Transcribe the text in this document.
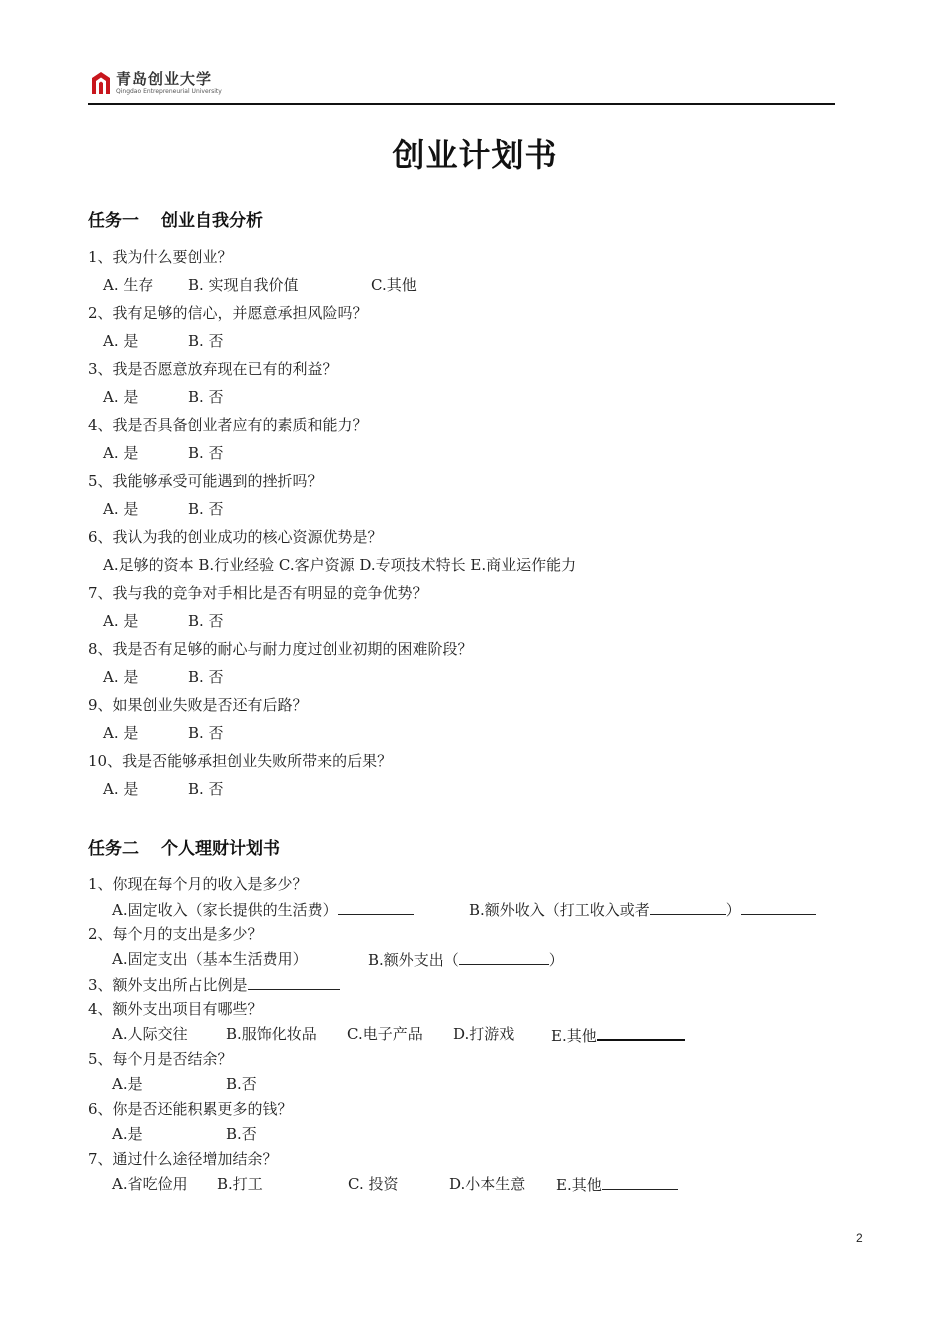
青岛创业大学
Qingdao Entrepreneurial University
创业计划书
任务一 创业自我分析
1、我为什么要创业？
A. 生存 B. 实现自我价值	C.其他
2、我有足够的信心，并愿意承担风险吗？
A. 是	B. 否
3、我是否愿意放弃现在已有的利益？
A. 是	B. 否
4、我是否具备创业者应有的素质和能力？
A. 是	B. 否
5、我能够承受可能遇到的挫折吗？
A. 是	B. 否
6、我认为我的创业成功的核心资源优势是？
A.足够的资本 B.行业经验 C.客户资源 D.专项技术特长 E.商业运作能力
7、我与我的竞争对手相比是否有明显的竞争优势？
A. 是	B. 否
8、我是否有足够的耐心与耐力度过创业初期的困难阶段？
A. 是	B. 否
9、如果创业失败是否还有后路？
A. 是	B. 否
10、我是否能够承担创业失败所带来的后果？
A. 是	B. 否
任务二 个人理财计划书
1、你现在每个月的收入是多少？
A.固定收入（家长提供的生活费）	B.额外收入（打工收入或者	）
2、每个月的支出是多少？
A.固定支出（基本生活费用）	B.额外支出（	）
3、额外支出所占比例是
4、额外支出项目有哪些？
A.人际交往	B.服饰化妆品 C.电子产品 D.打游戏 E.其他
5、每个月是否结余？
A.是	B.否
6、你是否还能积累更多的钱？
A.是	B.否
7、通过什么途径增加结余？
A.省吃俭用 B.打工	C. 投资	D.小本生意 E.其他
2
